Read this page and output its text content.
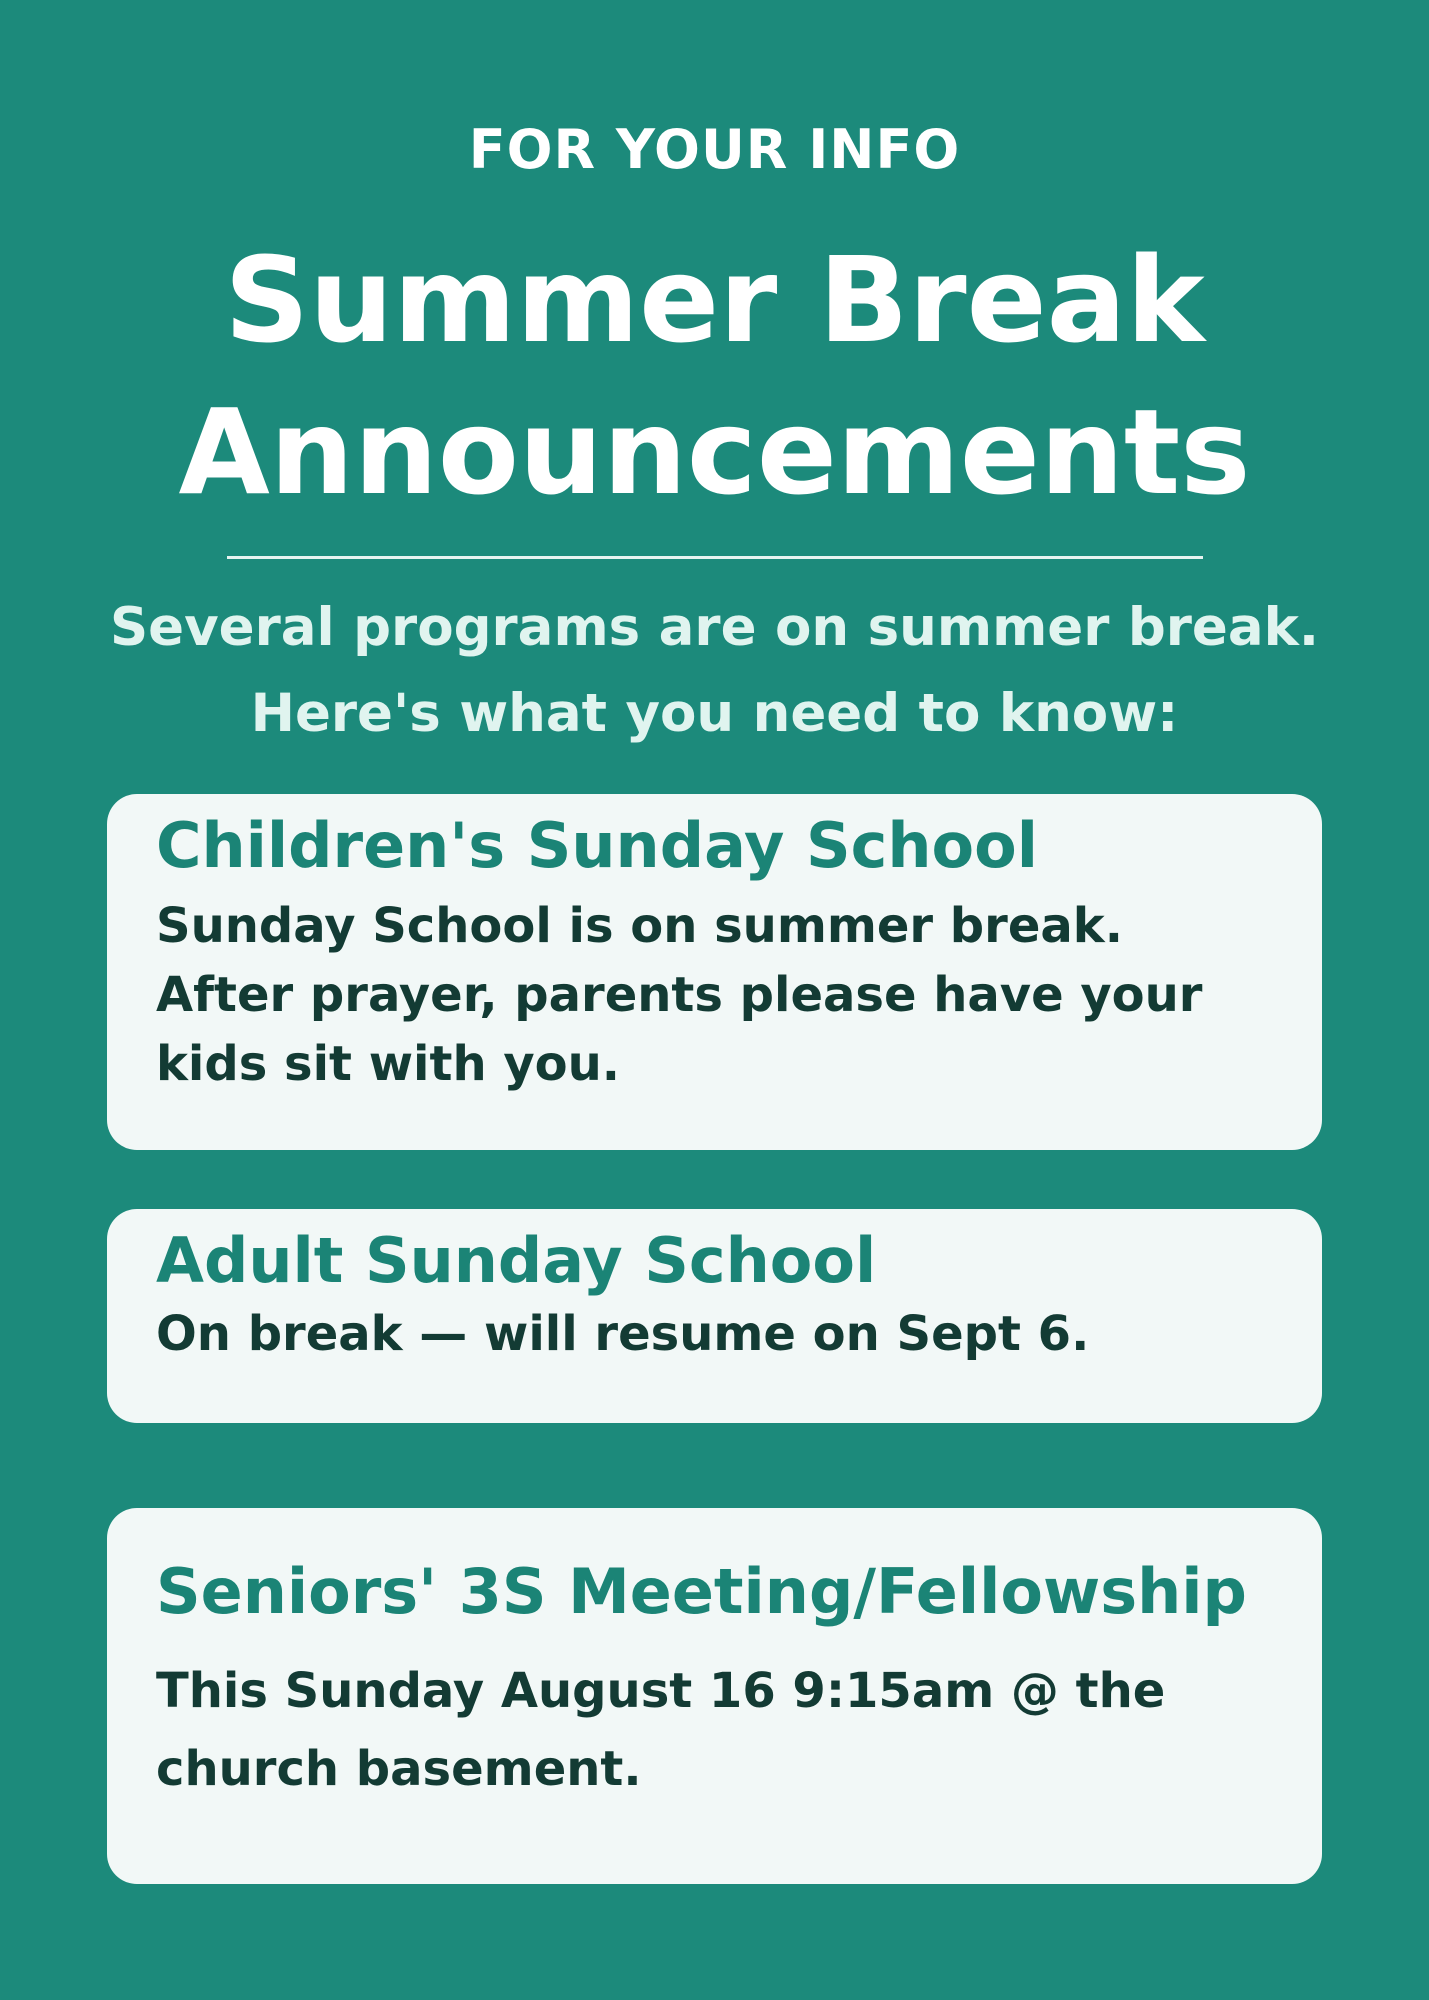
FOR YOUR INFO
Summer Break
Announcements
Several programs are on summer break.
Here's what you need to know:
Children's Sunday School
Sunday School is on summer break.
After prayer, parents please have your
kids sit with you.
Adult Sunday School
On break — will resume on Sept 6.
Seniors' 3S Meeting/Fellowship
This Sunday August 16 9:15am @ the
church basement.
